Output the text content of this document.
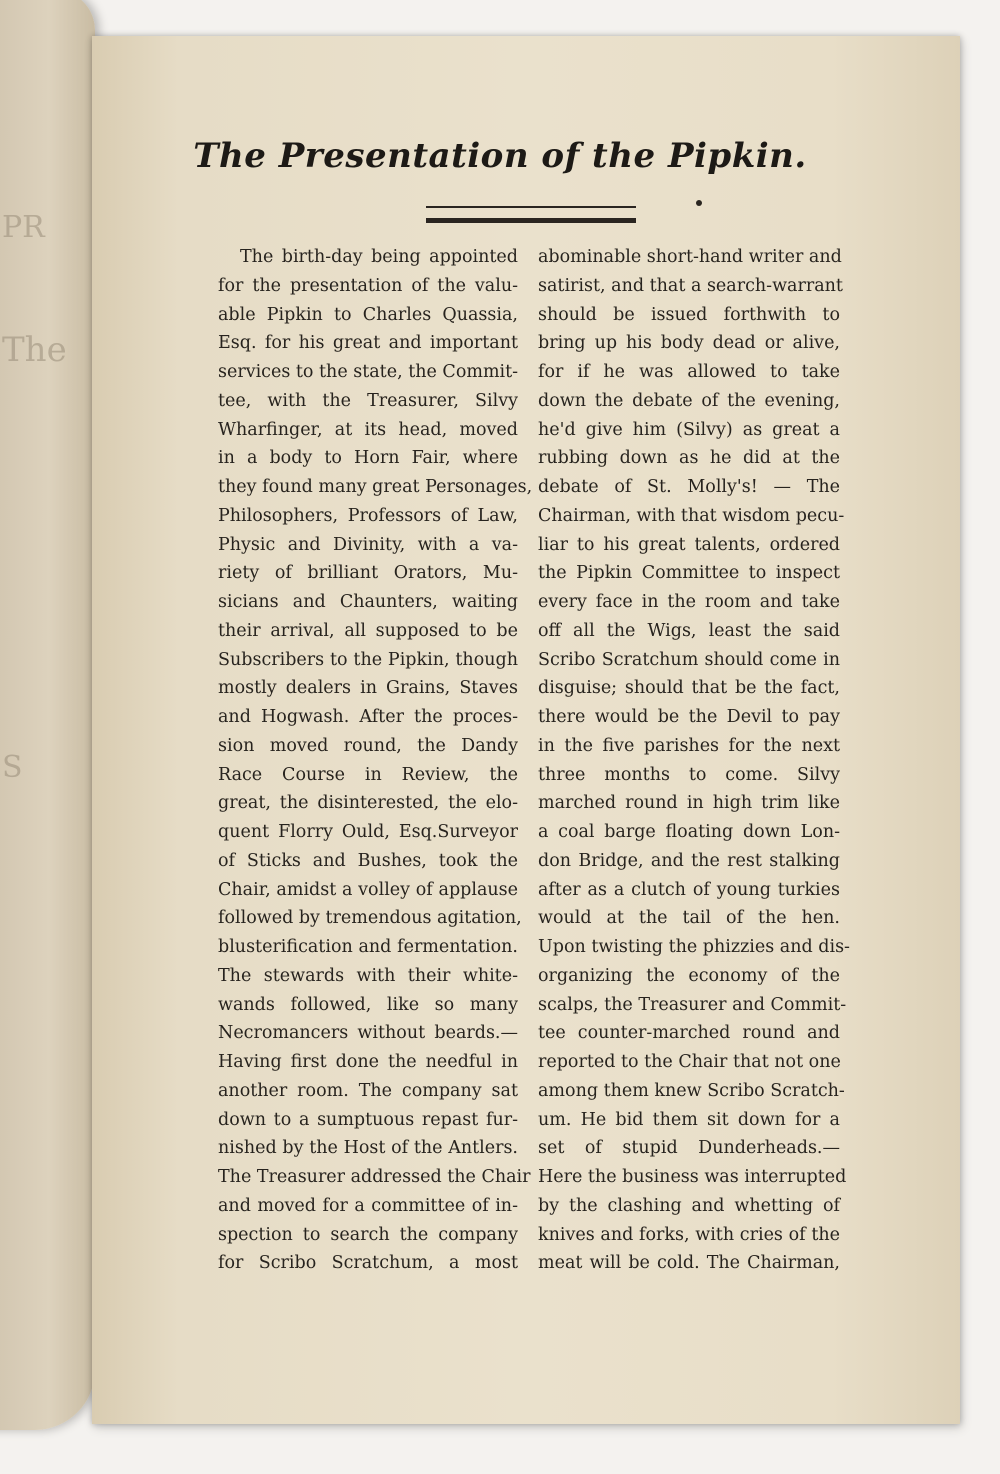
PR
The
S
The Presentation of the Pipkin.
The birth-day being appointed
for the presentation of the valu-
able Pipkin to Charles Quassia,
Esq. for his great and important
services to the state, the Commit-
tee, with the Treasurer, Silvy
Wharfinger, at its head, moved
in a body to Horn Fair, where
they found many great Personages,
Philosophers, Professors of Law,
Physic and Divinity, with a va-
riety of brilliant Orators, Mu-
sicians and Chaunters, waiting
their arrival, all supposed to be
Subscribers to the Pipkin, though
mostly dealers in Grains, Staves
and Hogwash. After the proces-
sion moved round, the Dandy
Race Course in Review, the
great, the disinterested, the elo-
quent Florry Ould, Esq.Surveyor
of Sticks and Bushes, took the
Chair, amidst a volley of applause
followed by tremendous agitation,
blusterification and fermentation.
The stewards with their white-
wands followed, like so many
Necromancers without beards.—
Having first done the needful in
another room. The company sat
down to a sumptuous repast fur-
nished by the Host of the Antlers.
The Treasurer addressed the Chair
and moved for a committee of in-
spection to search the company
for Scribo Scratchum, a most
abominable short-hand writer and
satirist, and that a search-warrant
should be issued forthwith to
bring up his body dead or alive,
for if he was allowed to take
down the debate of the evening,
he'd give him (Silvy) as great a
rubbing down as he did at the
debate of St. Molly's! — The
Chairman, with that wisdom pecu-
liar to his great talents, ordered
the Pipkin Committee to inspect
every face in the room and take
off all the Wigs, least the said
Scribo Scratchum should come in
disguise; should that be the fact,
there would be the Devil to pay
in the five parishes for the next
three months to come. Silvy
marched round in high trim like
a coal barge floating down Lon-
don Bridge, and the rest stalking
after as a clutch of young turkies
would at the tail of the hen.
Upon twisting the phizzies and dis-
organizing the economy of the
scalps, the Treasurer and Commit-
tee counter-marched round and
reported to the Chair that not one
among them knew Scribo Scratch-
um. He bid them sit down for a
set of stupid Dunderheads.—
Here the business was interrupted
by the clashing and whetting of
knives and forks, with cries of the
meat will be cold. The Chairman,
